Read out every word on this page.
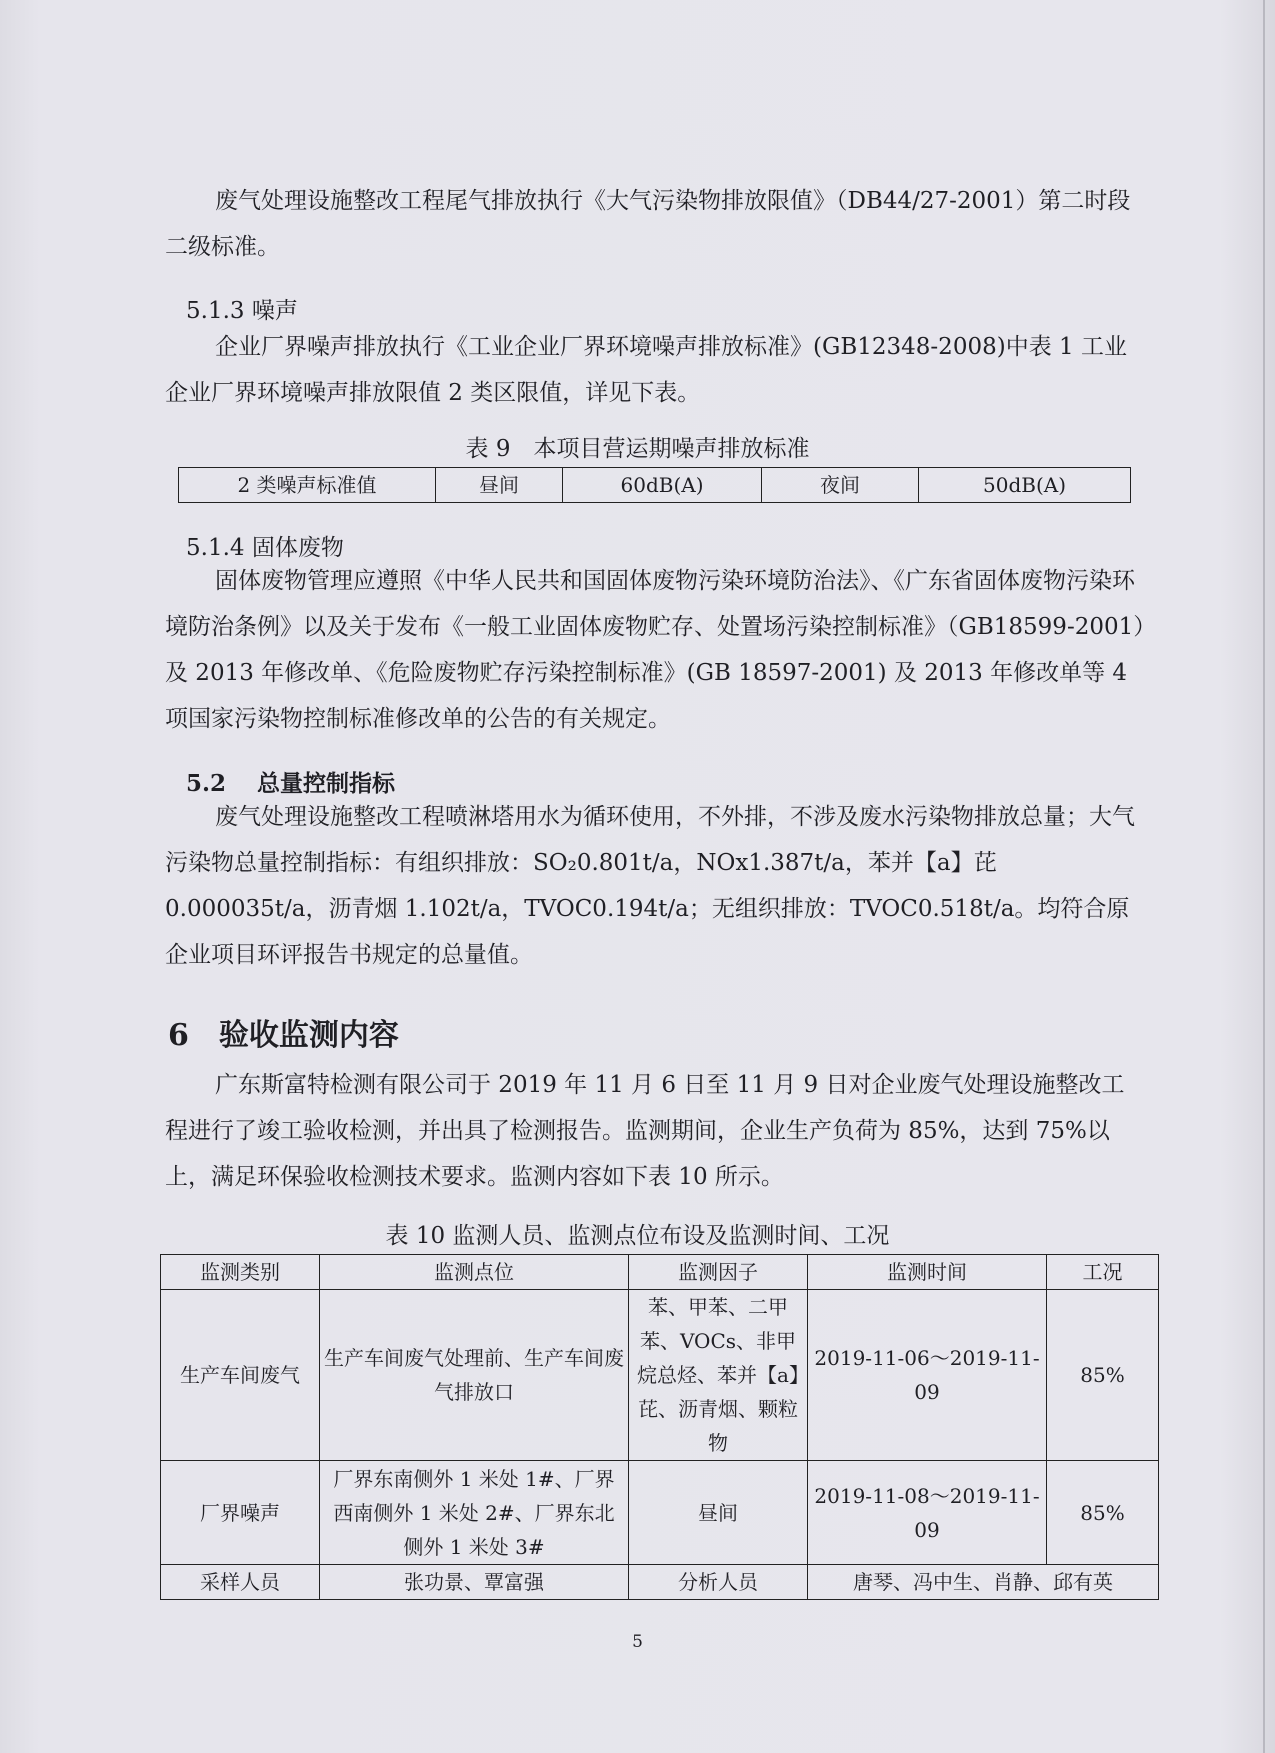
废气处理设施整改工程尾气排放执行《大气污染物排放限值》（DB44/27-2001）第二时段二级标准。

5.1.3 噪声

企业厂界噪声排放执行《工业企业厂界环境噪声排放标准》(GB12348-2008)中表 1 工业企业厂界环境噪声排放限值 2 类区限值，详见下表。

表 9　本项目营运期噪声排放标准

2 类噪声标准值	昼间	60dB(A)	夜间	50dB(A)

5.1.4 固体废物

固体废物管理应遵照《中华人民共和国固体废物污染环境防治法》、《广东省固体废物污染环境防治条例》以及关于发布《一般工业固体废物贮存、处置场污染控制标准》（GB18599-2001）及 2013 年修改单、《危险废物贮存污染控制标准》(GB 18597-2001) 及 2013 年修改单等 4 项国家污染物控制标准修改单的公告的有关规定。

5.2　 总量控制指标

废气处理设施整改工程喷淋塔用水为循环使用，不外排，不涉及废水污染物排放总量；大气污染物总量控制指标：有组织排放：SO₂0.801t/a，NOx1.387t/a，苯并【a】芘 0.000035t/a，沥青烟 1.102t/a，TVOC0.194t/a；无组织排放：TVOC0.518t/a。均符合原企业项目环评报告书规定的总量值。

6　验收监测内容

广东斯富特检测有限公司于 2019 年 11 月 6 日至 11 月 9 日对企业废气处理设施整改工程进行了竣工验收检测，并出具了检测报告。监测期间，企业生产负荷为 85%，达到 75%以上，满足环保验收检测技术要求。监测内容如下表 10 所示。

表 10 监测人员、监测点位布设及监测时间、工况

监测类别	监测点位	监测因子	监测时间	工况
生产车间废气	生产车间废气处理前、生产车间废气排放口	苯、甲苯、二甲苯、VOCs、非甲烷总烃、苯并【a】芘、沥青烟、颗粒物	2019-11-06～2019-11-09	85%
厂界噪声	厂界东南侧外 1 米处 1#、厂界西南侧外 1 米处 2#、厂界东北侧外 1 米处 3#	昼间	2019-11-08～2019-11-09	85%
采样人员	张功景、覃富强	分析人员	唐琴、冯中生、肖静、邱有英	
5
